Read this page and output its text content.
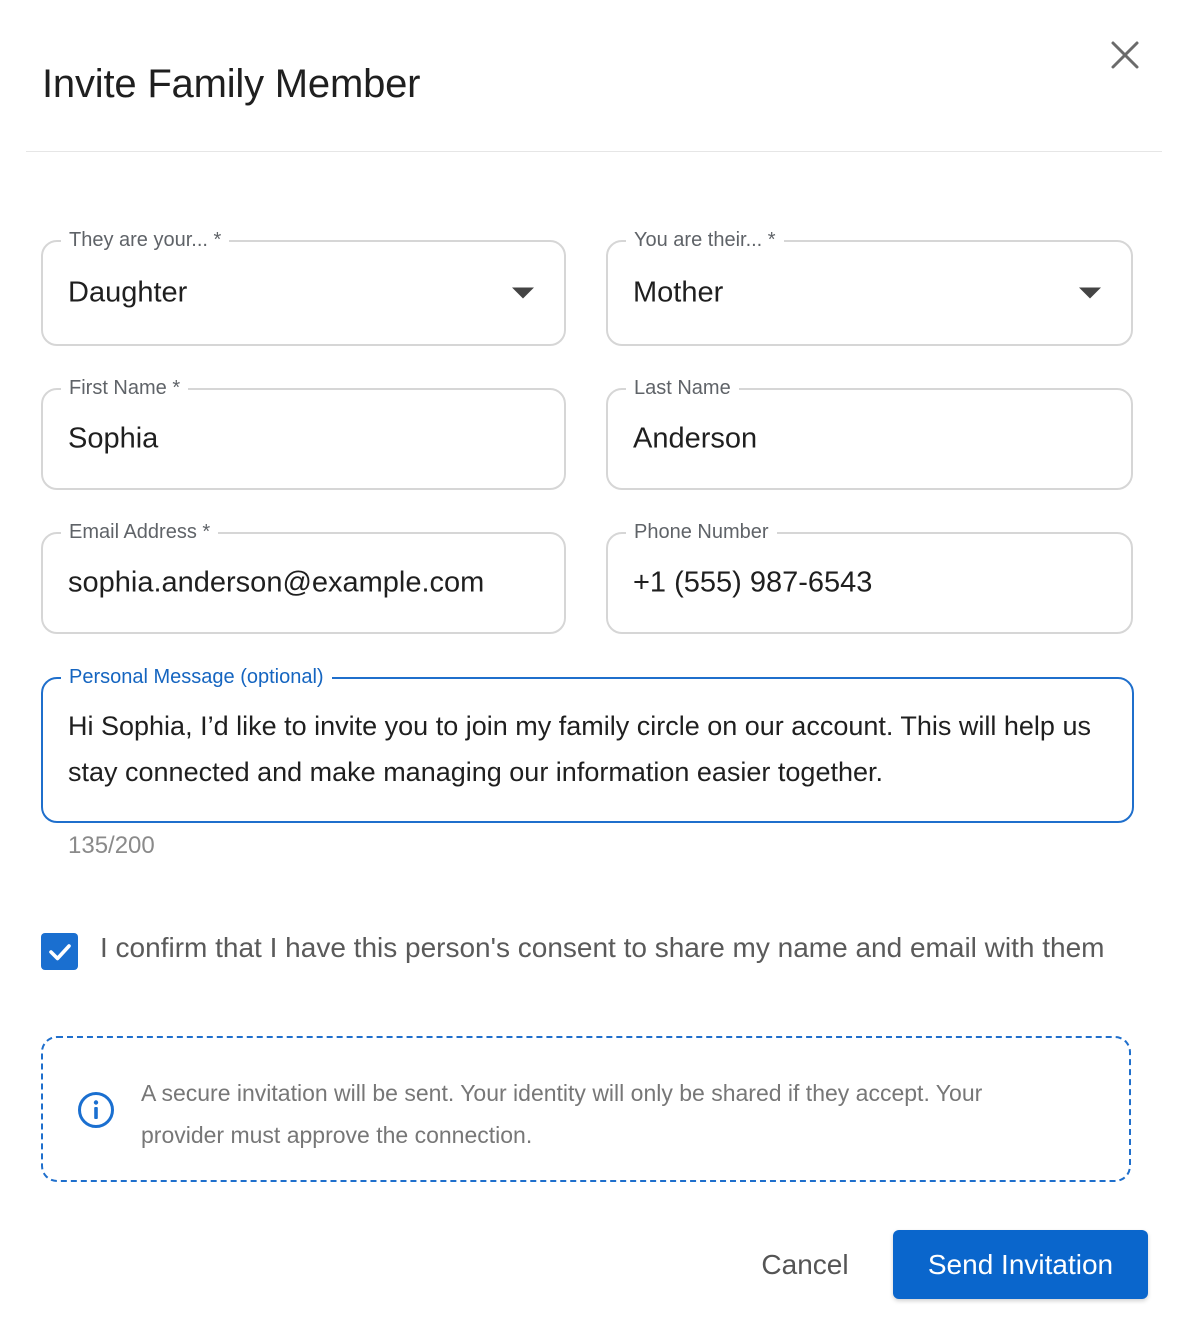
Invite Family Member
They are your... *
Daughter
You are their... *
Mother
First Name *
Sophia
Last Name
Anderson
Email Address *
sophia.anderson@example.com
Phone Number
+1 (555) 987-6543
Personal Message (optional)
Hi Sophia, I’d like to invite you to join my family circle on our account. This will help us stay connected and make managing our information easier together.
135/200
I confirm that I have this person's consent to share my name and email with them
A secure invitation will be sent. Your identity will only be shared if they accept. Your provider must approve the connection.
Cancel	Send Invitation
